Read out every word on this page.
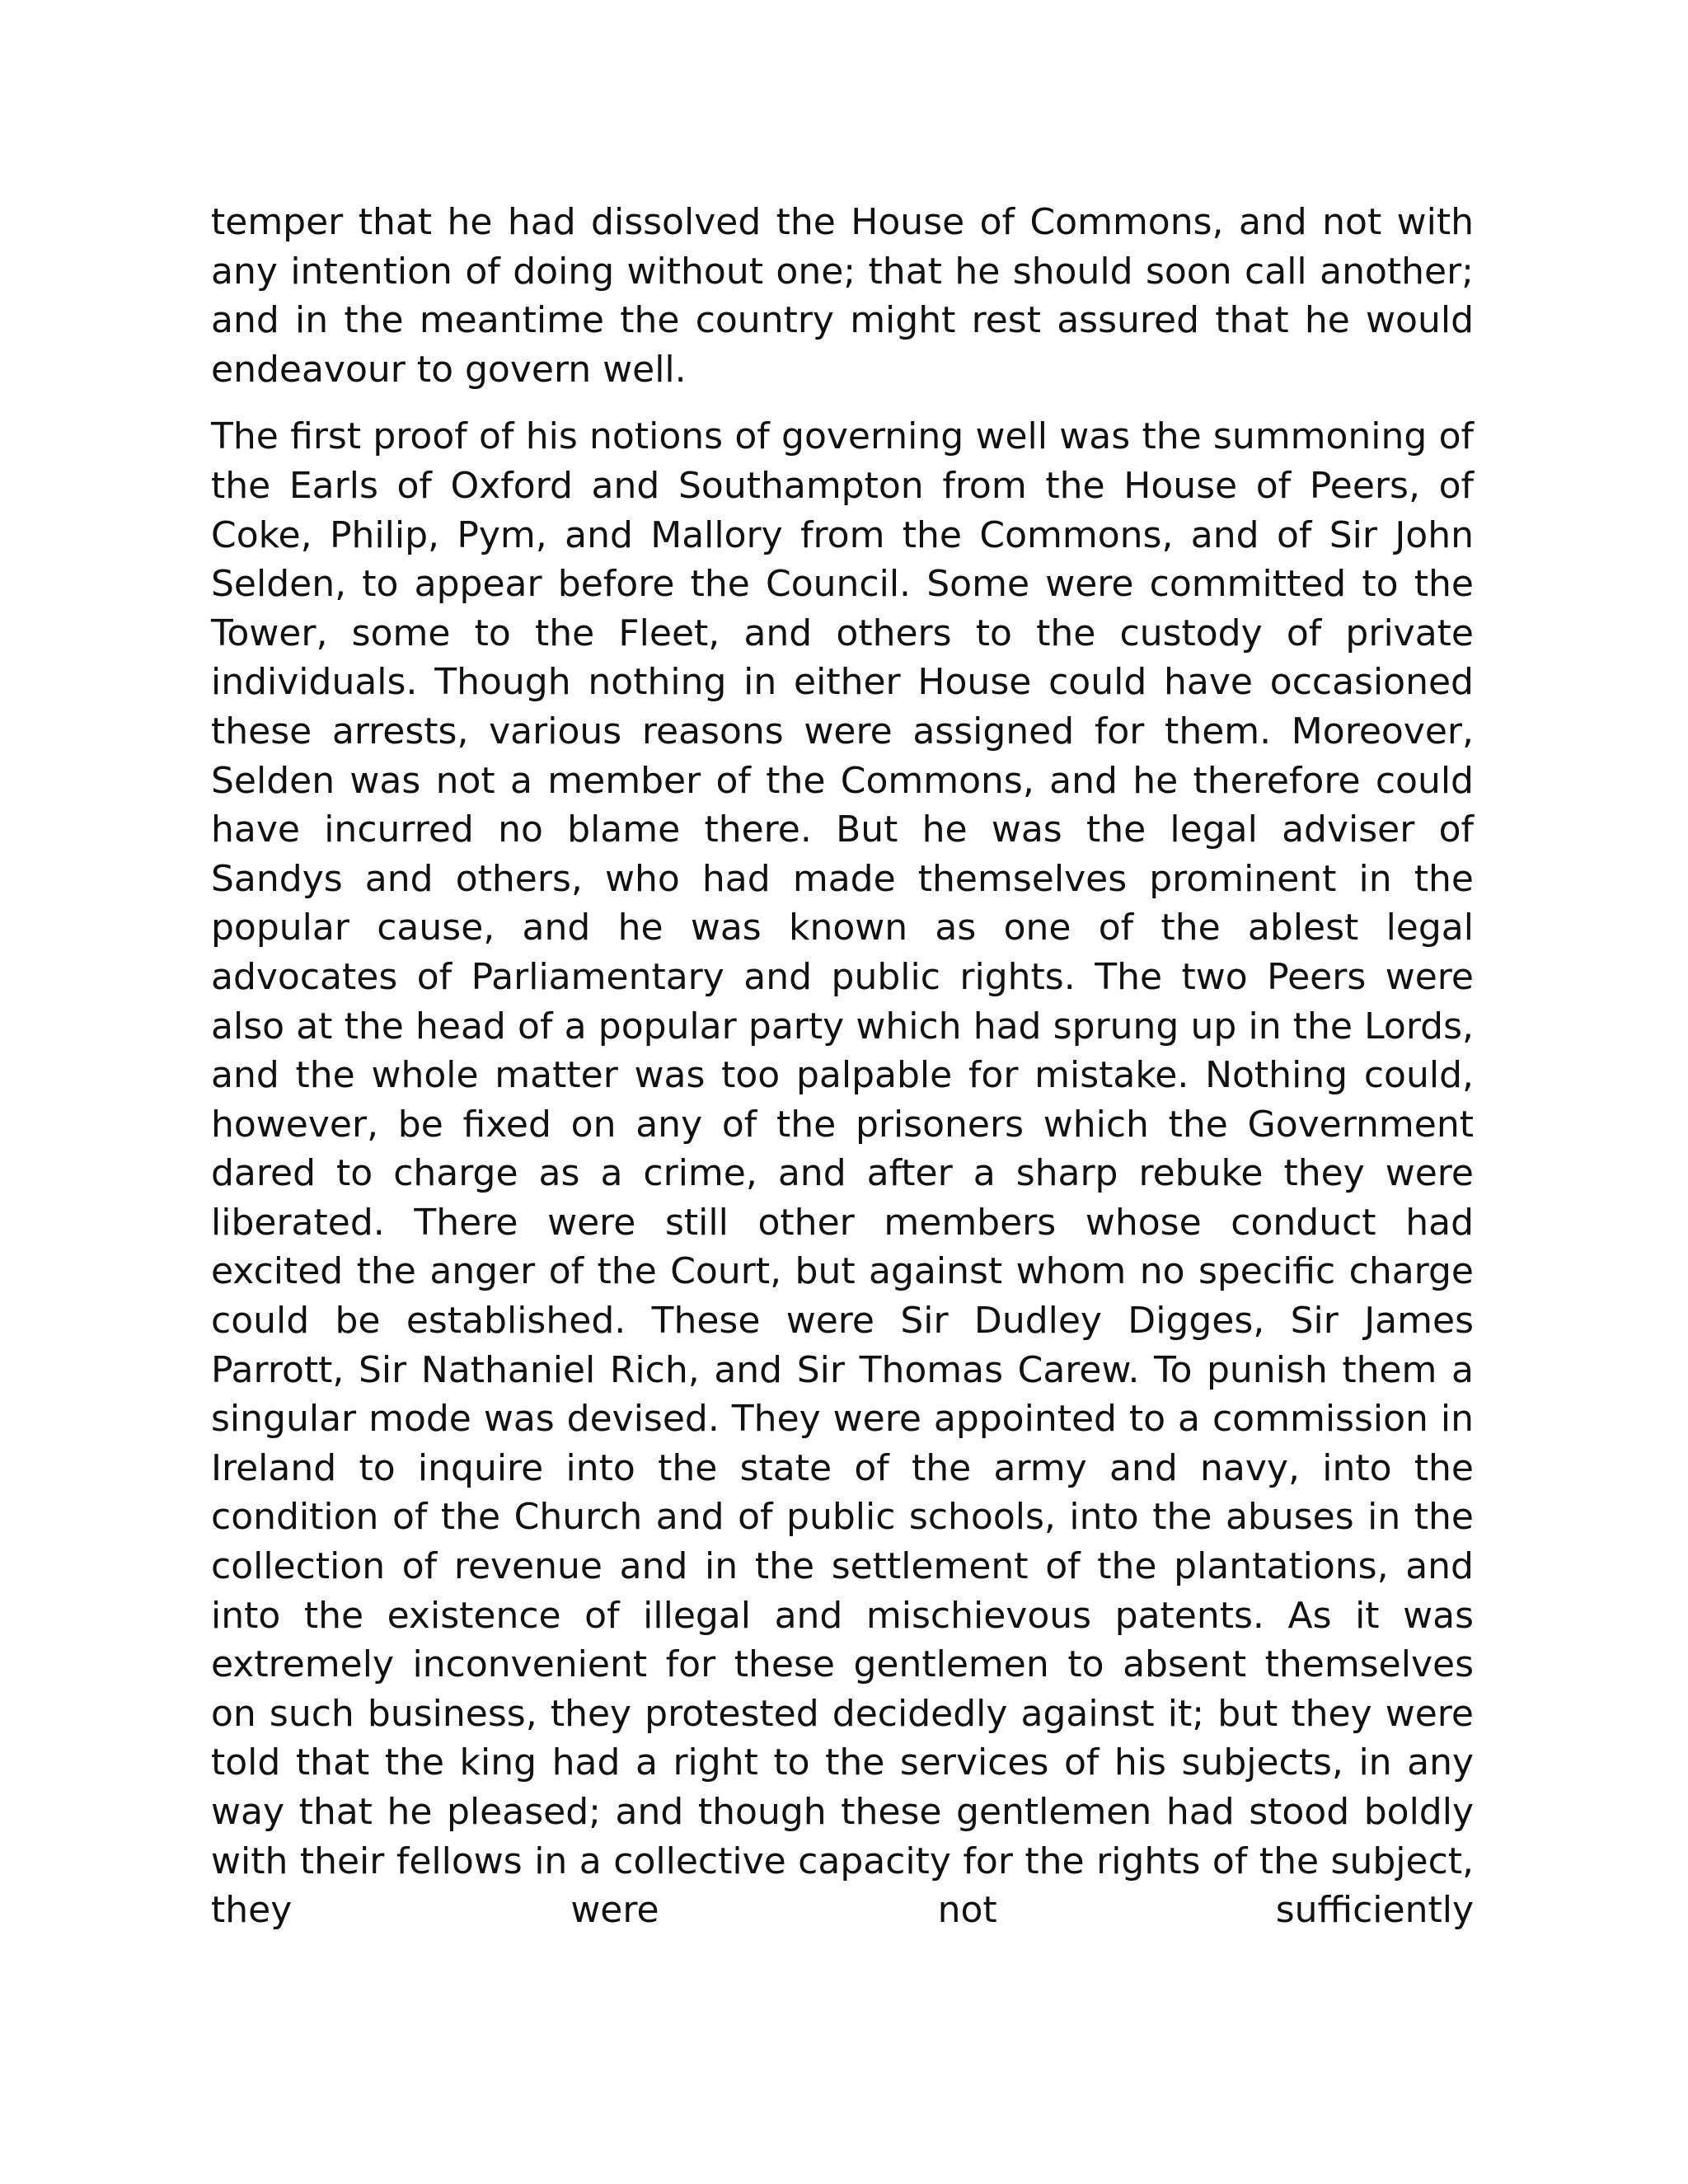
temper that he had dissolved the House of Commons, and not with any intention of doing without one; that he should soon call another; and in the meantime the country might rest assured that he would endeavour to govern well.

The first proof of his notions of governing well was the summoning of the Earls of Oxford and Southampton from the House of Peers, of Coke, Philip, Pym, and Mallory from the Commons, and of Sir John Selden, to appear before the Council. Some were committed to the Tower, some to the Fleet, and others to the custody of private individuals. Though nothing in either House could have occasioned these arrests, various reasons were assigned for them. Moreover, Selden was not a member of the Commons, and he therefore could have incurred no blame there. But he was the legal adviser of Sandys and others, who had made themselves prominent in the popular cause, and he was known as one of the ablest legal advocates of Parliamentary and public rights. The two Peers were also at the head of a popular party which had sprung up in the Lords, and the whole matter was too palpable for mistake. Nothing could, however, be fixed on any of the prisoners which the Government dared to charge as a crime, and after a sharp rebuke they were liberated. There were still other members whose conduct had excited the anger of the Court, but against whom no specific charge could be established. These were Sir Dudley Digges, Sir James Parrott, Sir Nathaniel Rich, and Sir Thomas Carew. To punish them a singular mode was devised. They were appointed to a commission in Ireland to inquire into the state of the army and navy, into the condition of the Church and of public schools, into the abuses in the collection of revenue and in the settlement of the plantations, and into the existence of illegal and mischievous patents. As it was extremely inconvenient for these gentlemen to absent themselves on such business, they protested decidedly against it; but they were told that the king had a right to the services of his subjects, in any way that he pleased; and though these gentlemen had stood boldly with their fellows in a collective capacity for the rights of the subject, they were not sufficiently
